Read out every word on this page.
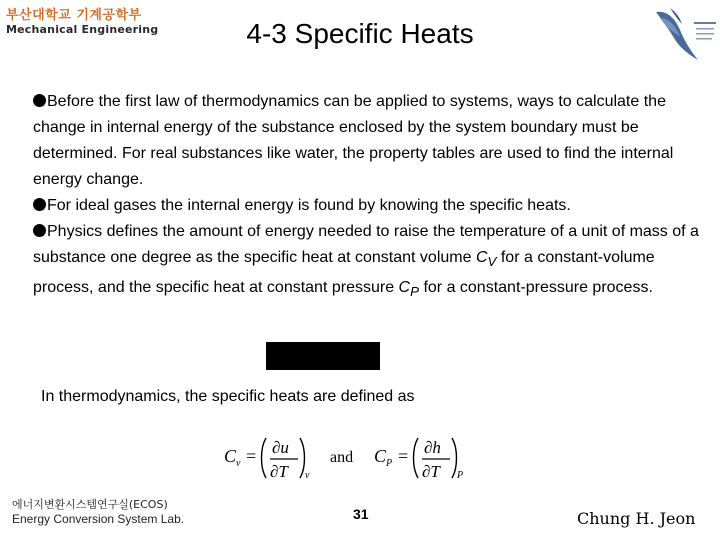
부산대학교 기계공학부
Mechanical Engineering	4-3 Specific Heats

Before the first law of thermodynamics can be applied to systems, ways to calculate the change in internal energy of the substance enclosed by the system boundary must be determined. For real substances like water, the property tables are used to find the internal energy change.

For ideal gases the internal energy is found by knowing the specific heats.

Physics defines the amount of energy needed to raise the temperature of a unit of mass of a substance one degree as the specific heat at constant volume $C_V$ for a constant-volume process, and the specific heat at constant pressure $C_P$ for a constant-pressure process.

In thermodynamics, the specific heats are defined as
C v = ∂u
∂T v
and C P = ∂h
∂T P
에너지변환시스템연구실(ECOS)
Energy Conversion System Lab.	31	Chung H. Jeon
